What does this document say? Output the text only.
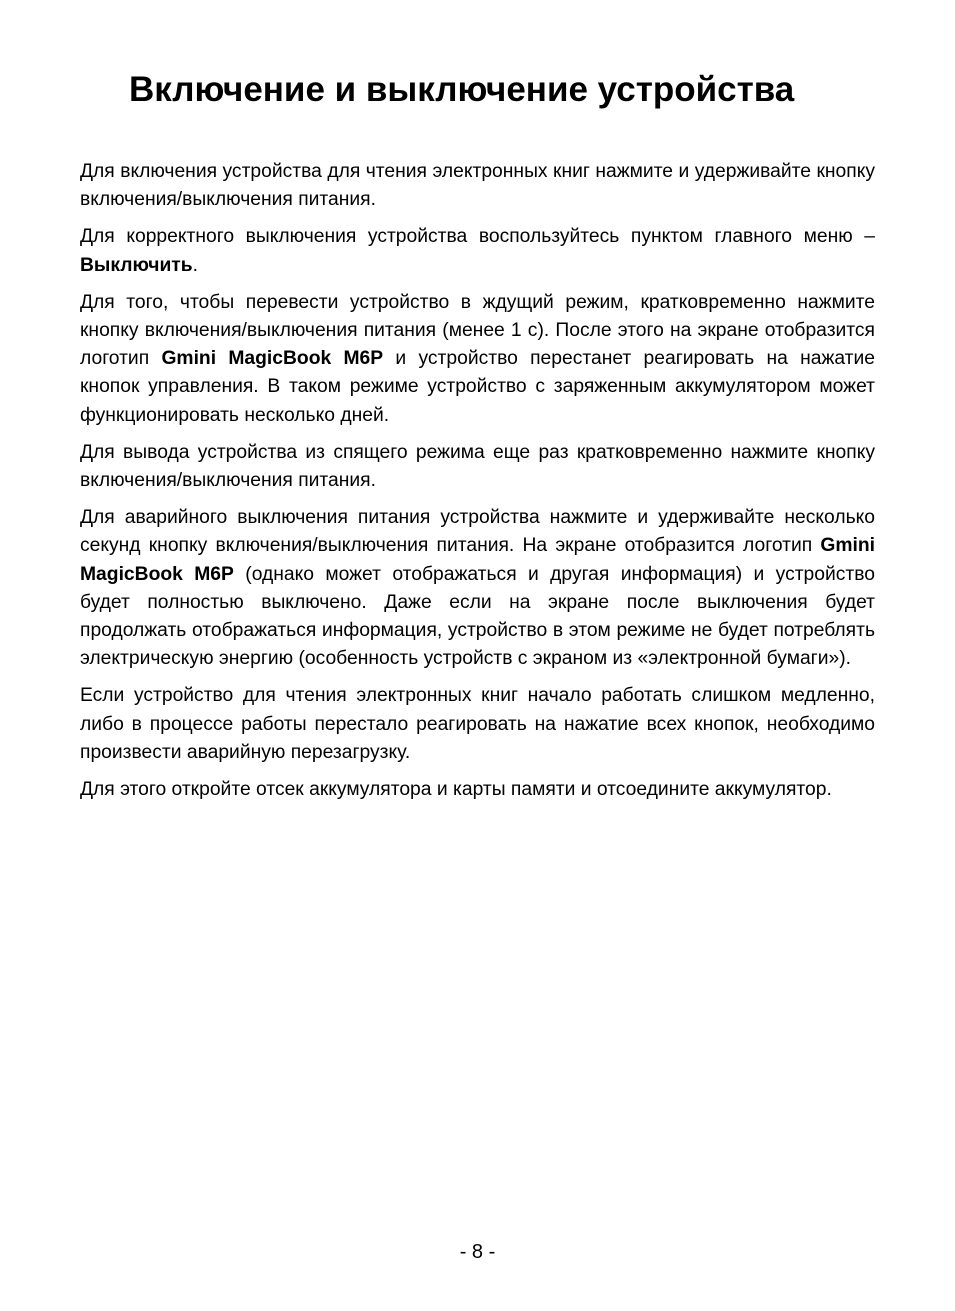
Включение и выключение устройства

Для включения устройства для чтения электронных книг нажмите и удерживайте кнопку включения/выключения питания.

Для корректного выключения устройства воспользуйтесь пунктом главного меню – Выключить.

Для того, чтобы перевести устройство в ждущий режим, кратковременно нажмите кнопку включения/выключения питания (менее 1 с). После этого на экране отобразится логотип Gmini MagicBook M6P и устройство перестанет реагировать на нажатие кнопок управления. В таком режиме устройство с заряженным аккумулятором может функционировать несколько дней.

Для вывода устройства из спящего режима еще раз кратковременно нажмите кнопку включения/выключения питания.

Для аварийного выключения питания устройства нажмите и удерживайте несколько секунд кнопку включения/выключения питания. На экране отобразится логотип Gmini MagicBook M6P (однако может отображаться и другая информация) и устройство будет полностью выключено. Даже если на экране после выключения будет продолжать отображаться информация, устройство в этом режиме не будет потреблять электрическую энергию (особенность устройств с экраном из «электронной бумаги»).

Если устройство для чтения электронных книг начало работать слишком медленно, либо в процессе работы перестало реагировать на нажатие всех кнопок, необходимо произвести аварийную перезагрузку.

Для этого откройте отсек аккумулятора и карты памяти и отсоедините аккумулятор.

- 8 -
